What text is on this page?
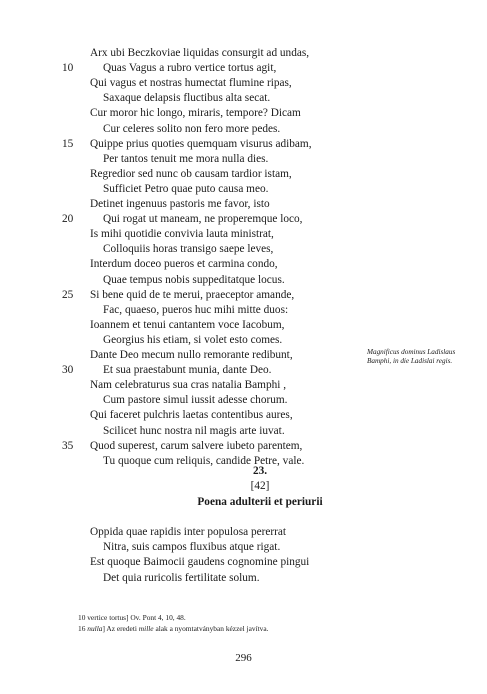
Arx ubi Beczkoviae liquidas consurgit ad undas,
Quas Vagus a rubro vertice tortus agit,
Qui vagus et nostras humectat flumine ripas,
Saxaque delapsis fluctibus alta secat.
Cur moror hic longo, miraris, tempore? Dicam
Cur celeres solito non fero more pedes.
Quippe prius quoties quemquam visurus adibam,
Per tantos tenuit me mora nulla dies.
Regredior sed nunc ob causam tardior istam,
Sufficiet Petro quae puto causa meo.
Detinet ingenuus pastoris me favor, isto
Qui rogat ut maneam, ne properemque loco,
Is mihi quotidie convivia lauta ministrat,
Colloquiis horas transigo saepe leves,
Interdum doceo pueros et carmina condo,
Quae tempus nobis suppeditatque locus.
Si bene quid de te merui, praeceptor amande,
Fac, quaeso, pueros huc mihi mitte duos:
Ioannem et tenui cantantem voce Iacobum,
Georgius his etiam, si volet esto comes.
Dante Deo mecum nullo remorante redibunt,
Et sua praestabunt munia, dante Deo.
Nam celebraturus sua cras natalia Bamphi ,
Cum pastore simul iussit adesse chorum.
Qui faceret pulchris laetas contentibus aures,
Scilicet hunc nostra nil magis arte iuvat.
Quod superest, carum salvere iubeto parentem,
Tu quoque cum reliquis, candide Petre, vale.
10
15
20
25
30
35
Magnificus dominus Ladislaus Bamphi, in die Ladislai regis.
23.
[42]
Poena adulterii et periurii
Oppida quae rapidis inter populosa pererrat
Nitra, suis campos fluxibus atque rigat.
Est quoque Baimocii gaudens cognomine pingui
Det quia ruricolis fertilitate solum.
10 vertice tortus] Ov. Pont 4, 10, 48.
16 nulla] Az eredeti mille alak a nyomtatványban kézzel javítva.
296
